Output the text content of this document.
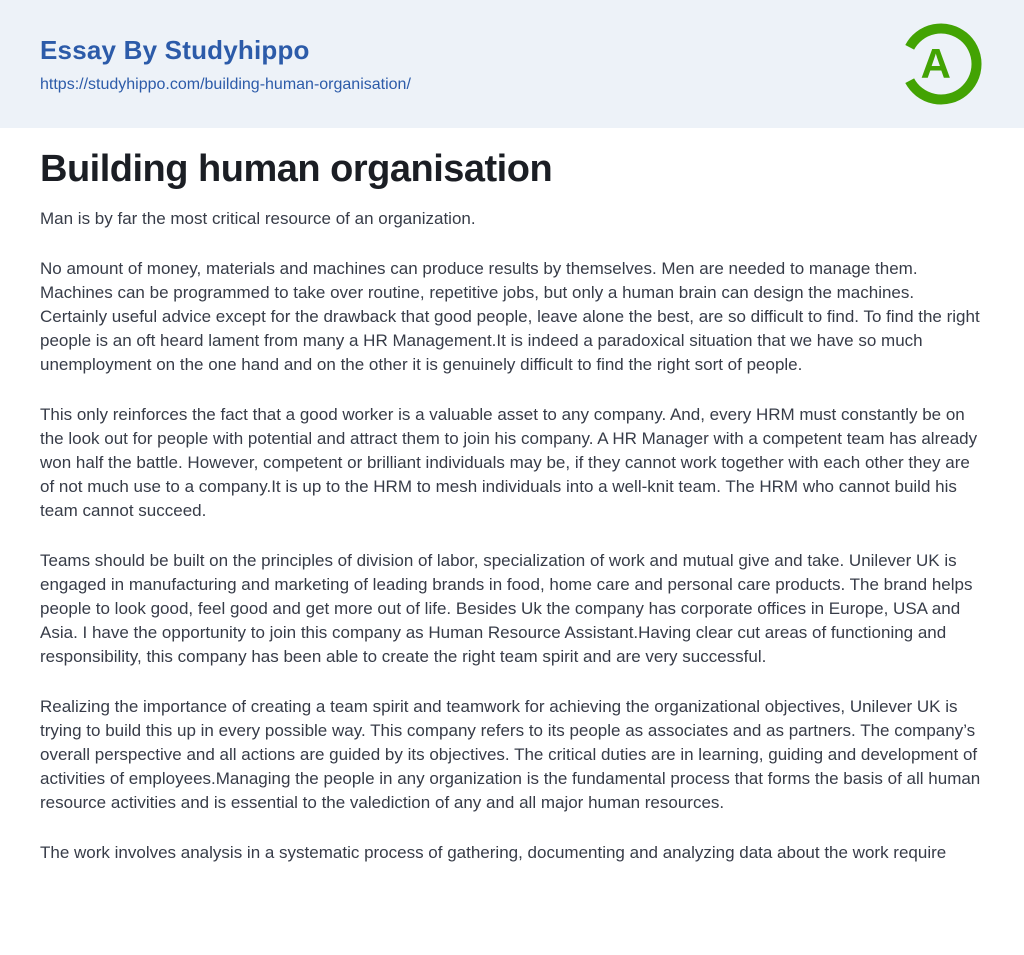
Essay By Studyhippo
https://studyhippo.com/building-human-organisation/	A
Building human organisation

Man is by far the most critical resource of an organization.

No amount of money, materials and machines can produce results by themselves. Men are needed to manage them. Machines can be programmed to take over routine, repetitive jobs, but only a human brain can design the machines. Certainly useful advice except for the drawback that good people, leave alone the best, are so difficult to find. To find the right people is an oft heard lament from many a HR Management.It is indeed a paradoxical situation that we have so much unemployment on the one hand and on the other it is genuinely difficult to find the right sort of people.

This only reinforces the fact that a good worker is a valuable asset to any company. And, every HRM must constantly be on the look out for people with potential and attract them to join his company. A HR Manager with a competent team has already won half the battle. However, competent or brilliant individuals may be, if they cannot work together with each other they are of not much use to a company.It is up to the HRM to mesh individuals into a well-knit team. The HRM who cannot build his team cannot succeed.

Teams should be built on the principles of division of labor, specialization of work and mutual give and take. Unilever UK is engaged in manufacturing and marketing of leading brands in food, home care and personal care products. The brand helps people to look good, feel good and get more out of life. Besides Uk the company has corporate offices in Europe, USA and Asia. I have the opportunity to join this company as Human Resource Assistant.Having clear cut areas of functioning and responsibility, this company has been able to create the right team spirit and are very successful.

Realizing the importance of creating a team spirit and teamwork for achieving the organizational objectives, Unilever UK is trying to build this up in every possible way. This company refers to its people as associates and as partners. The company’s overall perspective and all actions are guided by its objectives. The critical duties are in learning, guiding and development of activities of employees.Managing the people in any organization is the fundamental process that forms the basis of all human resource activities and is essential to the valediction of any and all major human resources.

The work involves analysis in a systematic process of gathering, documenting and analyzing data about the work require
